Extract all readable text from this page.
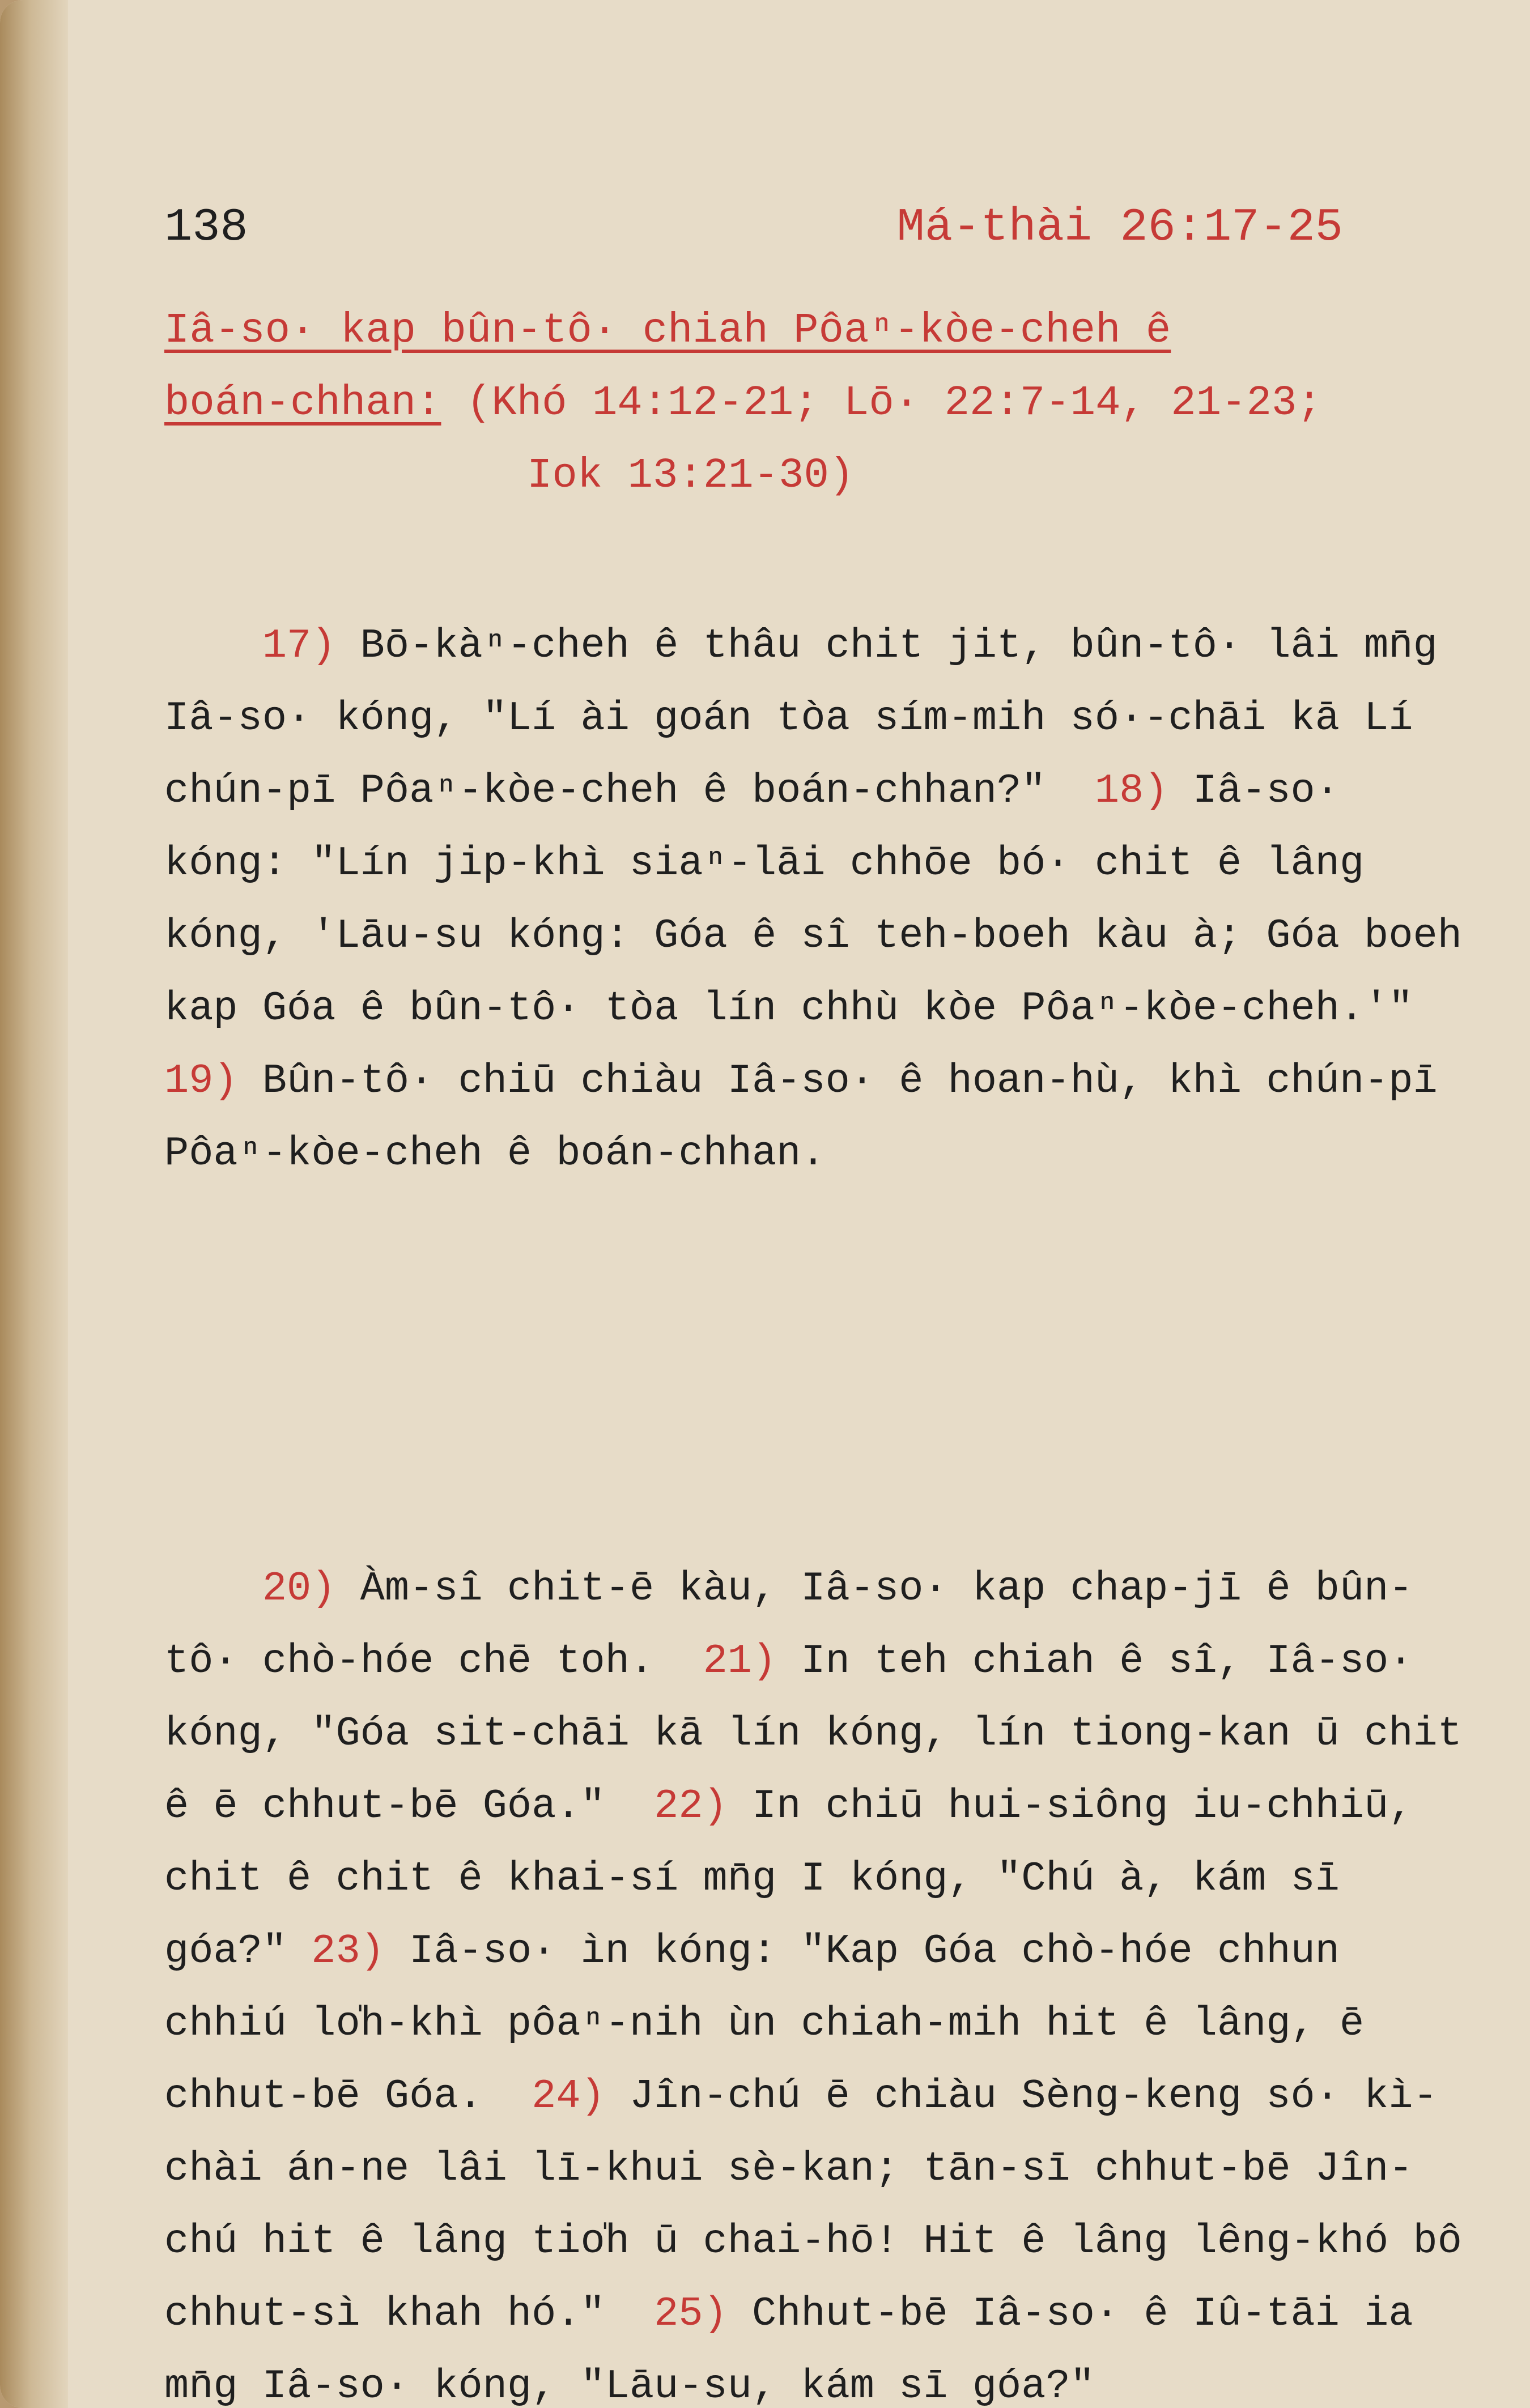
138	Má-thài 26:17-25
Iâ-so· kap bûn-tô· chiah Pôaⁿ-kòe-cheh ê
boán-chhan: (Khó 14:12-21; Lō· 22:7-14, 21-23;
Iok 13:21-30)

17) Bō-kàⁿ-cheh ê thâu chit jit, bûn-tô· lâi mn̄g Iâ-so· kóng, "Lí ài goán tòa sím-mih só·-chāi kā Lí chún-pī Pôaⁿ-kòe-cheh ê boán-chhan?" 18) Iâ-so· kóng: "Lín jip-khì siaⁿ-lāi chhōe bó· chit ê lâng kóng, 'Lāu-su kóng: Góa ê sî teh-boeh kàu à; Góa boeh kap Góa ê bûn-tô· tòa lín chhù kòe Pôaⁿ-kòe-cheh.'" 19) Bûn-tô· chiū chiàu Iâ-so· ê hoan-hù, khì chún-pī Pôaⁿ-kòe-cheh ê boán-chhan.

20) Àm-sî chit-ē kàu, Iâ-so· kap chap-jī ê bûn-tô· chò-hóe chē toh. 21) In teh chiah ê sî, Iâ-so· kóng, "Góa sit-chāi kā lín kóng, lín tiong-kan ū chit ê ē chhut-bē Góa." 22) In chiū hui-siông iu-chhiū, chit ê chit ê khai-sí mn̄g I kóng, "Chú à, kám sī góa?" 23) Iâ-so· ìn kóng: "Kap Góa chò-hóe chhun chhiú lo̍h-khì pôaⁿ-nih ùn chiah-mih hit ê lâng, ē chhut-bē Góa. 24) Jîn-chú ē chiàu Sèng-keng só· kì-chài án-ne lâi lī-khui sè-kan; tān-sī chhut-bē Jîn-chú hit ê lâng tio̍h ū chai-hō! Hit ê lâng lêng-khó bô chhut-sì khah hó." 25) Chhut-bē Iâ-so· ê Iû-tāi ia mn̄g Iâ-so· kóng, "Lāu-su, kám sī góa?"
